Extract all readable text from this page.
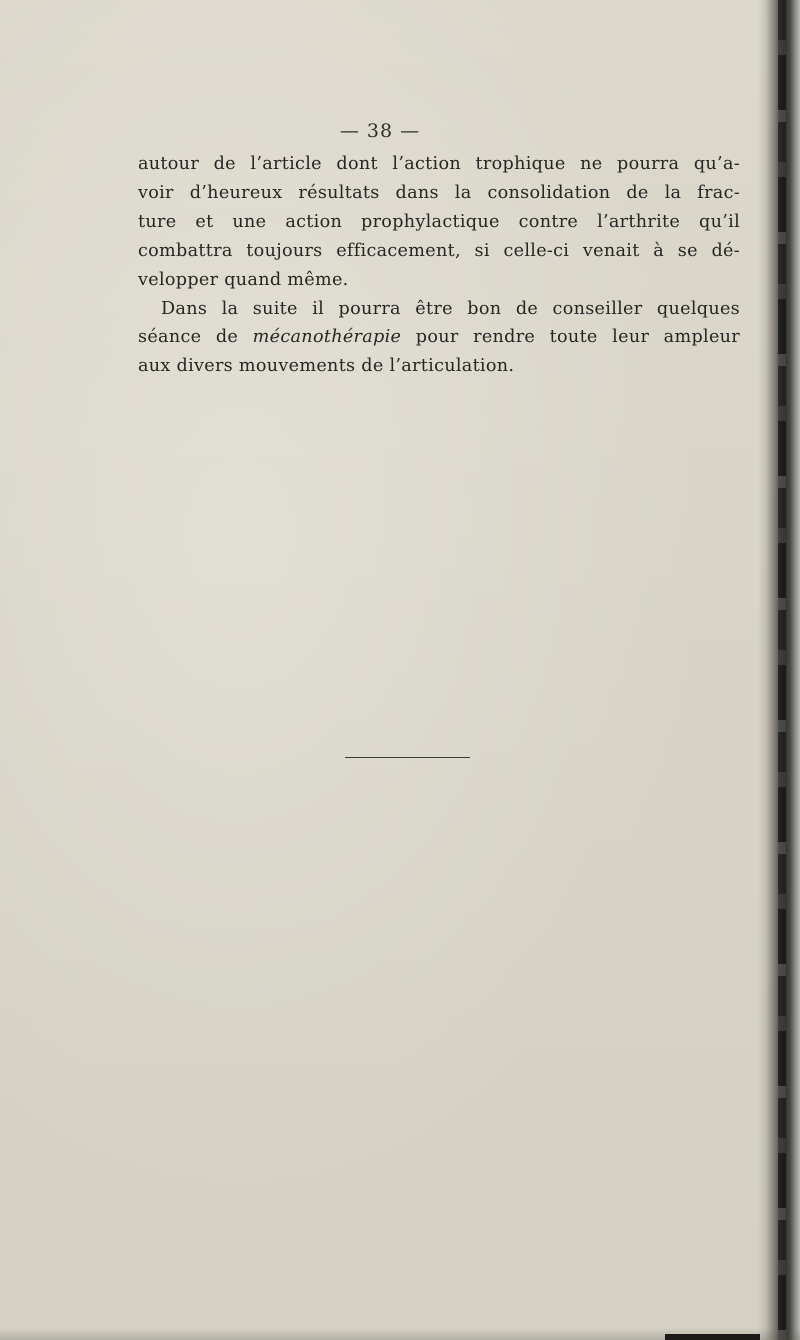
— 38 —
autour de l’article dont l’action trophique ne pourra qu’a-
voir d’heureux résultats dans la consolidation de la frac-
ture et une action prophylactique contre l’arthrite qu’il
combattra toujours efficacement, si celle-ci venait à se dé-
velopper quand même.
Dans la suite il pourra être bon de conseiller quelques
séance de mécanothérapie pour rendre toute leur ampleur
aux divers mouvements de l’articulation.
